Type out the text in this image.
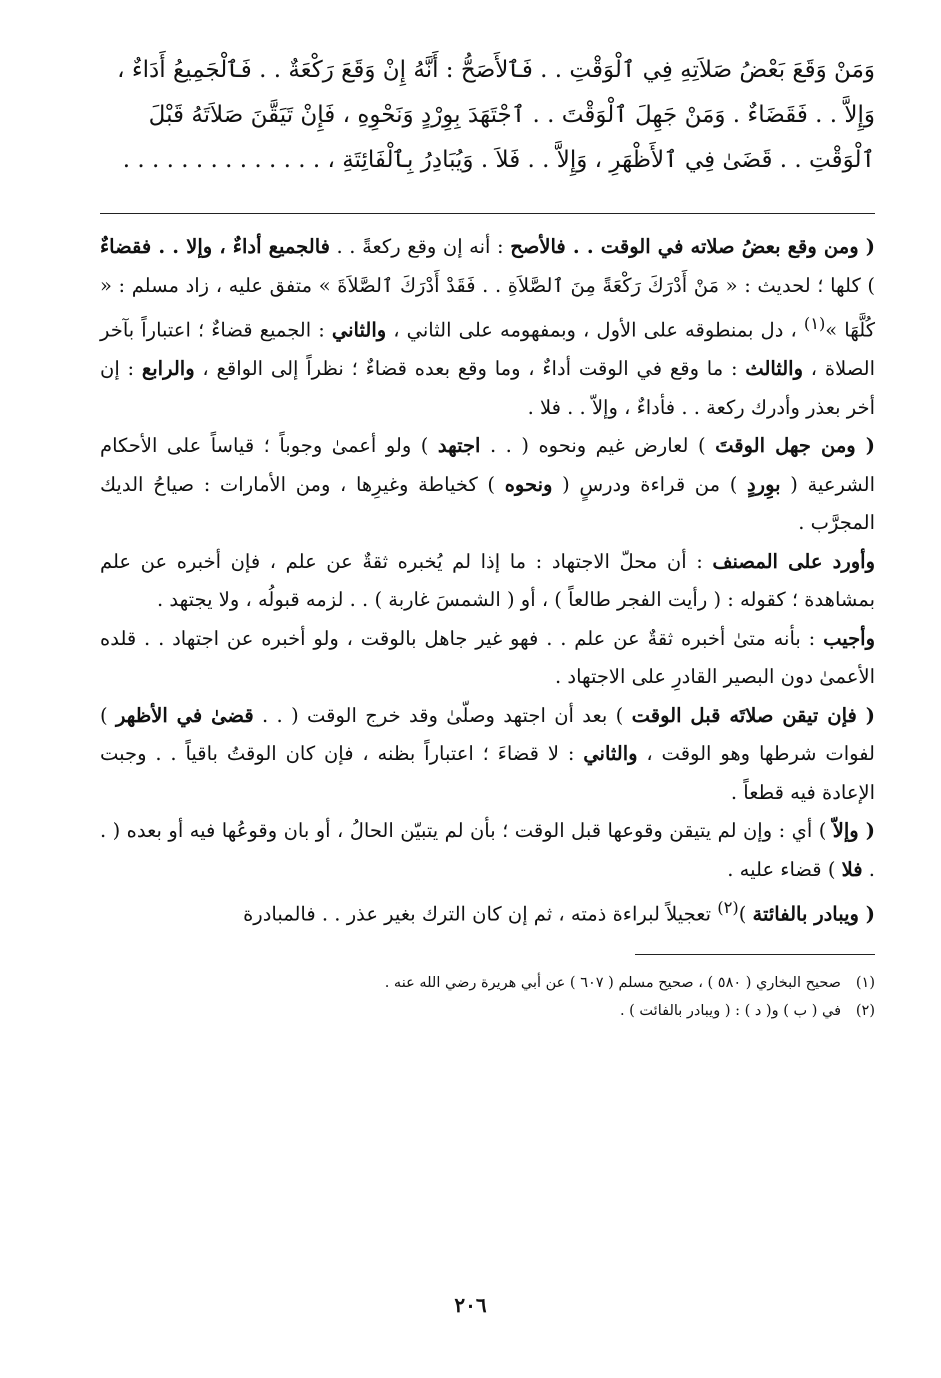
وَمَنْ وَقَعَ بَعْضُ صَلاَتِهِ فِي ٱلْوَقْتِ . . فَٱلأَصَحُّ : أَنَّهُ إِنْ وَقَعَ رَكْعَةٌ . . فَٱلْجَمِيعُ أَدَاءٌ ،
وَإِلاَّ . . فَقَضَاءٌ . وَمَنْ جَهِلَ ٱلْوَقْتَ . . ٱجْتَهَدَ بِوِرْدٍ وَنَحْوِهِ ، فَإِنْ تَيَقَّنَ صَلاَتَهُ قَبْلَ
ٱلْوَقْتِ . . قَضَىٰ فِي ٱلأَظْهَرِ ، وَإِلاَّ . . فَلاَ . وَيُبَادِرُ بِٱلْفَائِتَةِ ، . . . . . . . . . . . . . .

( ومن وقع بعضُ صلاته في الوقت . . فالأصح : أنه إن وقع ركعةً . . فالجميع أداءٌ ، وإلا . . فقضاءٌ ) كلها ؛ لحديث : « مَنْ أَدْرَكَ رَكْعَةً مِنَ ٱلصَّلاَةِ . . فَقَدْ أَدْرَكَ ٱلصَّلاَةَ » متفق عليه ، زاد مسلم : « كُلَّهَا »$^{(١)}$ ، دل بمنطوقه على الأول ، وبمفهومه على الثاني ، والثاني : الجميع قضاءٌ ؛ اعتباراً بآخر الصلاة ، والثالث : ما وقع في الوقت أداءٌ ، وما وقع بعده قضاءٌ ؛ نظراً إلى الواقع ، والرابع : إن أخر بعذر وأدرك ركعة . . فأداءٌ ، وإلاّ . . فلا .

( ومن جهل الوقتَ ) لعارض غيم ونحوه ( . . اجتهد ) ولو أعمىٰ وجوباً ؛ قياساً على الأحكام الشرعية ( بوِردٍ ) من قراءة ودرسٍ ( ونحوه ) كخياطة وغيرِها ، ومن الأمارات : صياحُ الديك المجرَّب .

وأورد على المصنف : أن محلّ الاجتهاد : ما إذا لم يُخبره ثقةٌ عن علم ، فإن أخبره عن علم بمشاهدة ؛ كقوله : ( رأيت الفجر طالعاً ) ، أو ( الشمسَ غاربة ) . . لزمه قبولُه ، ولا يجتهد .

وأجيب : بأنه متىٰ أخبره ثقةٌ عن علم . . فهو غير جاهل بالوقت ، ولو أخبره عن اجتهاد . . قلده الأعمىٰ دون البصير القادرِ على الاجتهاد .

( فإن تيقن صلاتَه قبل الوقت ) بعد أن اجتهد وصلّىٰ وقد خرج الوقت ( . . قضىٰ في الأظهر ) لفوات شرطها وهو الوقت ، والثاني : لا قضاءَ ؛ اعتباراً بظنه ، فإن كان الوقتُ باقياً . . وجبت الإعادة فيه قطعاً .

( وإلاّ ) أي : وإن لم يتيقن وقوعها قبل الوقت ؛ بأن لم يتبيّن الحالُ ، أو بان وقوعُها فيه أو بعده ( . . فلا ) قضاء عليه .

( ويبادر بالفائتة )$^{(٢)}$ تعجيلاً لبراءة ذمته ، ثم إن كان الترك بغير عذر . . فالمبادرة

(١)صحيح البخاري ( ٥٨٠ ) ، صحيح مسلم ( ٦٠٧ ) عن أبي هريرة رضي الله عنه .

(٢)في ( ب ) و( د ) : ( ويبادر بالفائت ) .

٢٠٦
